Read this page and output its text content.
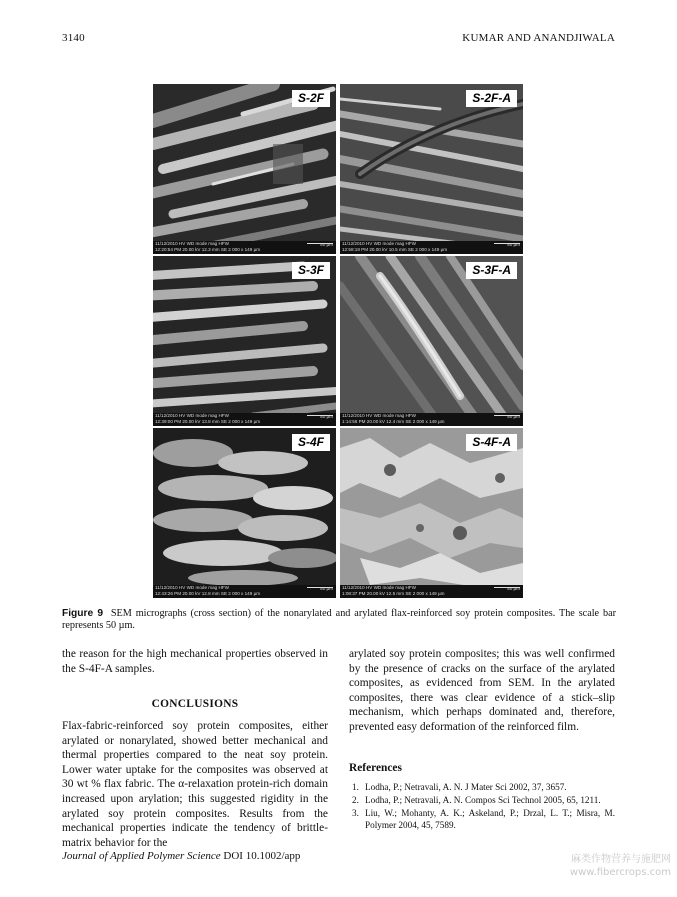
3140	KUMAR AND ANANDJIWALA
S-2F
11/12/2010 HV WD mode mag HFW
12:20:54 PM 20.00 kV 12.3 mm SE 2 000 x 149 µm
50 µm
S-2F-A
11/12/2010 HV WD mode mag HFW
12:58:18 PM 20.00 kV 10.5 mm SE 2 000 x 149 µm
50 µm
S-3F
11/12/2010 HV WD mode mag HFW
12:39:00 PM 20.00 kV 13.8 mm SE 2 000 x 149 µm
50 µm
S-3F-A
11/12/2010 HV WD mode mag HFW
1:14:56 PM 20.00 kV 12.4 mm SE 2 000 x 149 µm
50 µm
S-4F
11/12/2010 HV WD mode mag HFW
12:43:26 PM 20.00 kV 12.8 mm SE 2 000 x 149 µm
50 µm
S-4F-A
11/12/2010 HV WD mode mag HFW
1:08:37 PM 20.00 kV 12.5 mm SE 2 000 x 149 µm
50 µm
Figure 9 SEM micrographs (cross section) of the nonarylated and arylated flax-reinforced soy protein composites. The scale bar represents 50 µm.

the reason for the high mechanical properties observed in the S-4F-A samples.

CONCLUSIONS

Flax-fabric-reinforced soy protein composites, either arylated or nonarylated, showed better mechanical and thermal properties compared to the neat soy protein. Lower water uptake for the composites was observed at 30 wt % flax fabric. The α-relaxation protein-rich domain increased upon arylation; this suggested rigidity in the arylated soy protein composites. Results from the mechanical properties indicate the tendency of brittle-matrix behavior for the

arylated soy protein composites; this was well confirmed by the presence of cracks on the surface of the arylated composites, as evidenced from SEM. In the arylated composites, there was clear evidence of a stick–slip mechanism, which perhaps dominated and, therefore, prevented easy deformation of the reinforced film.

References
1. Lodha, P.; Netravali, A. N. J Mater Sci 2002, 37, 3657.
2. Lodha, P.; Netravali, A. N. Compos Sci Technol 2005, 65, 1211.
3. Liu, W.; Mohanty, A. K.; Askeland, P.; Drzal, L. T.; Misra, M. Polymer 2004, 45, 7589.
Journal of Applied Polymer Science DOI 10.1002/app	麻类作物营养与施肥网
www.fibercrops.com
